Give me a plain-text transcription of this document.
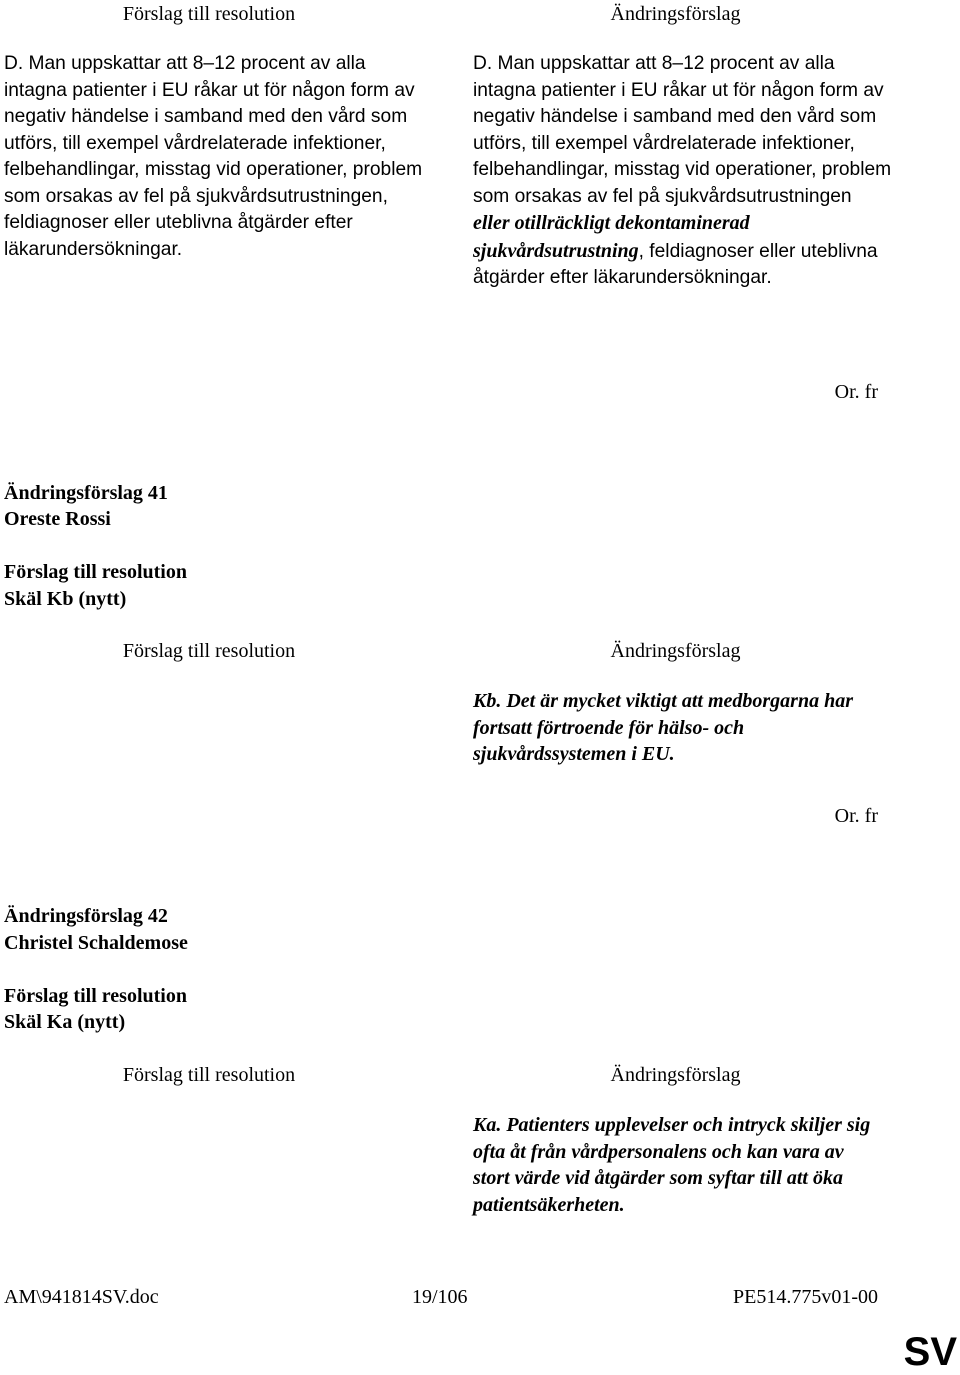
Förslag till resolution	Ändringsförslag
D. Man uppskattar att 8–12 procent av alla intagna patienter i EU råkar ut för någon form av negativ händelse i samband med den vård som utförs, till exempel vårdrelaterade infektioner, felbehandlingar, misstag vid operationer, problem som orsakas av fel på sjukvårdsutrustningen, feldiagnoser eller uteblivna åtgärder efter läkarundersökningar.
D. Man uppskattar att 8–12 procent av alla intagna patienter i EU råkar ut för någon form av negativ händelse i samband med den vård som utförs, till exempel vårdrelaterade infektioner, felbehandlingar, misstag vid operationer, problem som orsakas av fel på sjukvårdsutrustningen eller otillräckligt dekontaminerad sjukvårdsutrustning, feldiagnoser eller uteblivna åtgärder efter läkarundersökningar.
Or. fr
Ändringsförslag 41
Oreste Rossi
Förslag till resolution
Skäl Kb (nytt)
Förslag till resolution	Ändringsförslag
Kb. Det är mycket viktigt att medborgarna har fortsatt förtroende för hälso- och sjukvårdssystemen i EU.
Or. fr
Ändringsförslag 42
Christel Schaldemose
Förslag till resolution
Skäl Ka (nytt)
Förslag till resolution	Ändringsförslag
Ka. Patienters upplevelser och intryck skiljer sig ofta åt från vårdpersonalens och kan vara av stort värde vid åtgärder som syftar till att öka patientsäkerheten.
AM\941814SV.doc	19/106	PE514.775v01-00
SV
